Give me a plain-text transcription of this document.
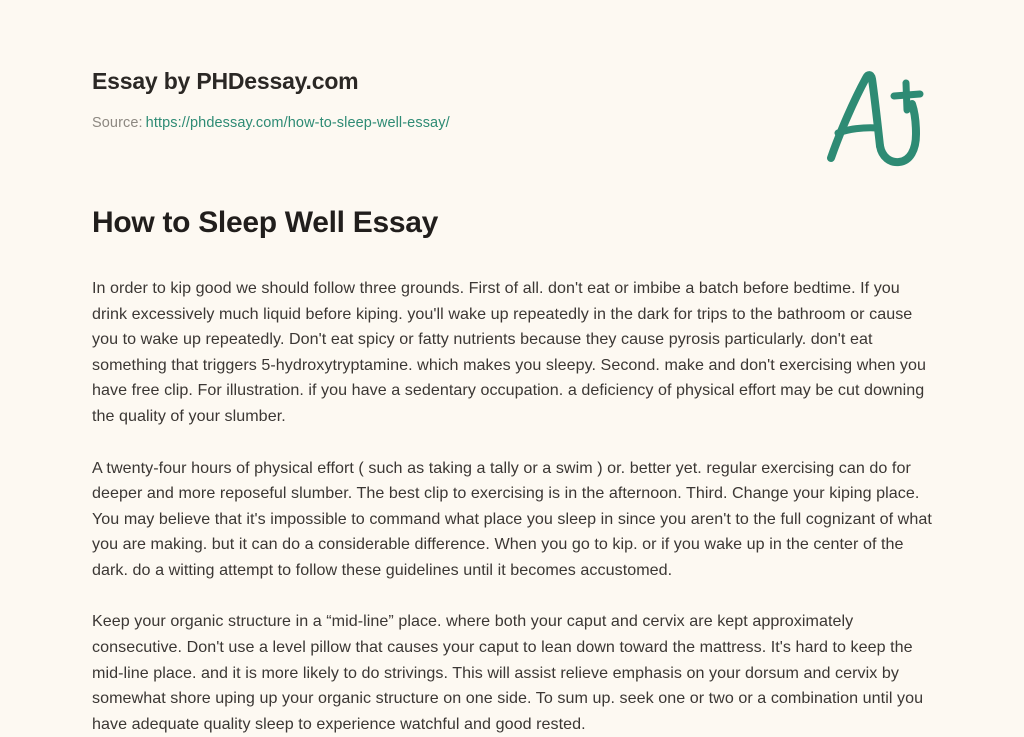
Essay by PHDessay.com
Source: https://phdessay.com/how-to-sleep-well-essay/
How to Sleep Well Essay

In order to kip good we should follow three grounds. First of all. don't eat or imbibe a batch before bedtime. If you drink excessively much liquid before kiping. you'll wake up repeatedly in the dark for trips to the bathroom or cause you to wake up repeatedly. Don't eat spicy or fatty nutrients because they cause pyrosis particularly. don't eat something that triggers 5-hydroxytryptamine. which makes you sleepy. Second. make and don't exercising when you have free clip. For illustration. if you have a sedentary occupation. a deficiency of physical effort may be cut downing the quality of your slumber.

A twenty-four hours of physical effort ( such as taking a tally or a swim ) or. better yet. regular exercising can do for deeper and more reposeful slumber. The best clip to exercising is in the afternoon. Third. Change your kiping place. You may believe that it's impossible to command what place you sleep in since you aren't to the full cognizant of what you are making. but it can do a considerable difference. When you go to kip. or if you wake up in the center of the dark. do a witting attempt to follow these guidelines until it becomes accustomed.

Keep your organic structure in a “mid-line” place. where both your caput and cervix are kept approximately consecutive. Don't use a level pillow that causes your caput to lean down toward the mattress. It's hard to keep the mid-line place. and it is more likely to do strivings. This will assist relieve emphasis on your dorsum and cervix by somewhat shore uping up your organic structure on one side. To sum up. seek one or two or a combination until you have adequate quality sleep to experience watchful and good rested.
